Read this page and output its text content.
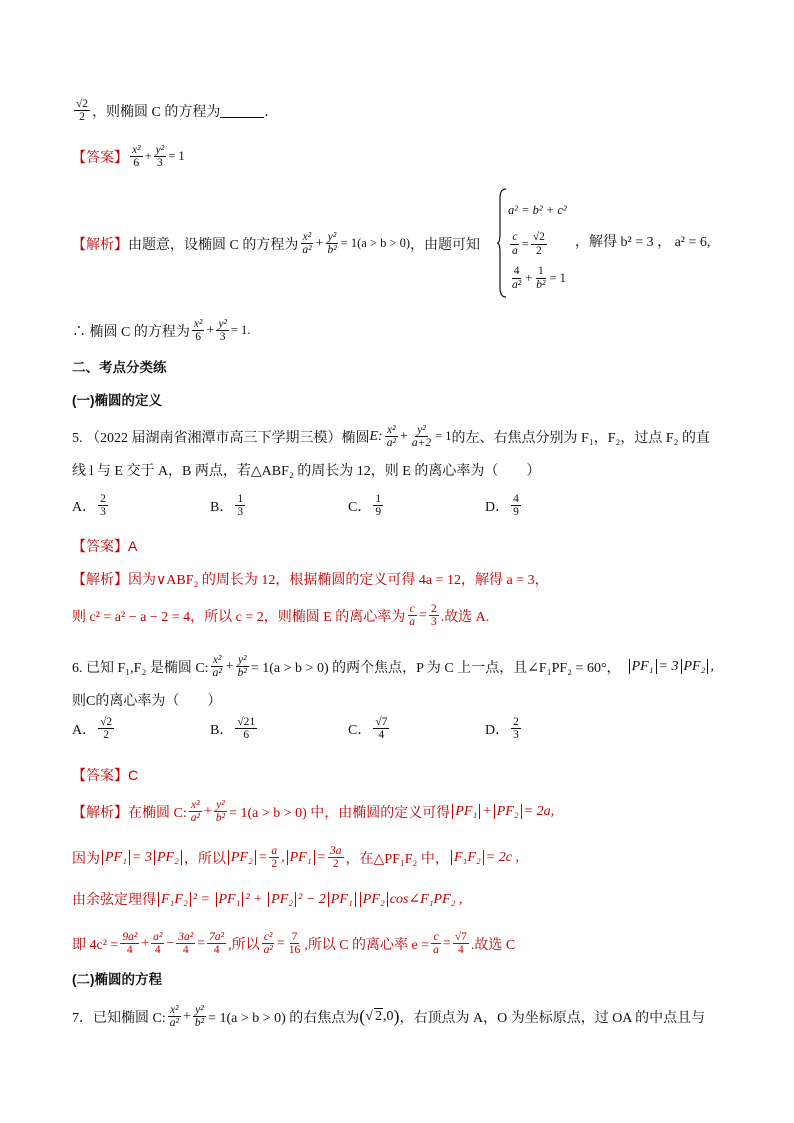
$\frac{√2}{2}$ ，则椭圆 C 的方程为	．
【答案】 $\frac{\text{x²}}{6} + \frac{\text{y²}}{3} = 1$
【解析】 由题意，设椭圆 C 的方程为 $\frac{\text{x²}}{\text{a²}} + \frac{\text{y²}}{\text{b²}} = 1(a > b > 0)$ ，由题可知
a² = b² + c²
$\frac{c}{a} = \frac{√2}{2}$
$\frac{4}{\text{a²}} + \frac{1}{\text{b²}} = 1$
，解得 b² = 3 ， a² = 6,
∴ 椭圆 C 的方程为 $\frac{\text{x²}}{6} + \frac{\text{y²}}{3} = 1$.
二、考点分类练
(一)椭圆的定义
5. （2022 届湖南省湘潭市高三下学期三模）椭圆 E: $\frac{\text{x²}}{\text{a²}} + \frac{\text{y²}}{a+2} = 1$ 的左、右焦点分别为 F₁，F₂，过点 F₂ 的直
线 l 与 E 交于 A，B 两点，若△ABF₂ 的周长为 12，则 E 的离心率为（　　）
A． $\frac{2}{3}$	B． $\frac{1}{3}$	C． $\frac{1}{9}$	D． $\frac{4}{9}$
【答案】 A
【解析】 因为∨ABF₂ 的周长为 12，根据椭圆的定义可得 4a = 12，解得 a = 3，
则 c² = a² − a − 2 = 4，所以 c = 2，则椭圆 E 的离心率为 $\frac{c}{a} = \frac{2}{3}$ .故选 A.
6. 已知 F₁,F₂ 是椭圆 C: $\frac{\text{x²}}{\text{a²}} + \frac{\text{y²}}{\text{b²}} = 1(a > b > 0)$ 的两个焦点，P 为 C 上一点，且∠F₁PF₂ = 60°， PF₁ = 3 PF₂ ,
则C的离心率为（　　）
A． $\frac{√2}{2}$	B． $\frac{√21}{6}$	C． $\frac{√7}{4}$	D． $\frac{2}{3}$
【答案】 C
【解析】 在椭圆 C: $\frac{\text{x²}}{\text{a²}} + \frac{\text{y²}}{\text{b²}} = 1(a > b > 0)$ 中，由椭圆的定义可得 PF₁ + PF₂ = 2a,
因为 PF₁ = 3 PF₂ ，所以 $PF_2 = \frac{a}{2}$ , $PF_1 = \frac{3a}{2}$ ，在△PF₁F₂ 中， F₁F₂ = 2c ,
由余弦定理得 F₁F₂ ² = PF₁ ² + PF₂ ² − 2 PF₁ PF₂ cos∠F₁PF₂ ,
即 $4c^2 = \frac{\text{9a²}}{4} + \frac{\text{a²}}{4} - \frac{\text{3a²}}{4} = \frac{\text{7a²}}{4}$ ,所以 $\frac{\text{c²}}{\text{a²}} = \frac{7}{16}$ ,所以 C 的离心率 $e = \frac{c}{a} = \frac{√7}{4}$ .故选 C
(二)椭圆的方程
7．已知椭圆 C: $\frac{\text{x²}}{\text{a²}} + \frac{\text{y²}}{\text{b²}} = 1(a > b > 0)$ 的右焦点为 ( √ 2,0 ) ，右顶点为 A，O 为坐标原点，过 OA 的中点且与
